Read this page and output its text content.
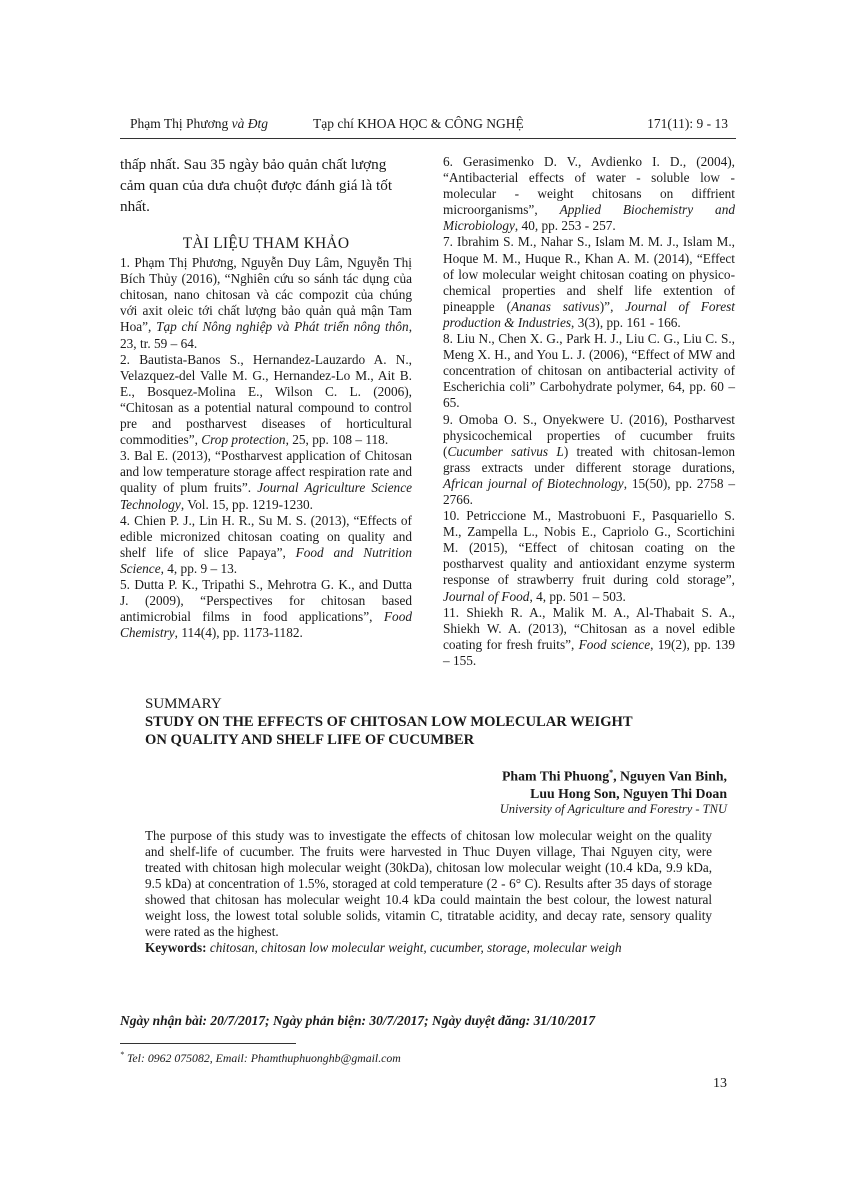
Phạm Thị Phương và Đtg	Tạp chí KHOA HỌC & CÔNG NGHỆ	171(11): 9 - 13

thấp nhất. Sau 35 ngày bảo quản chất lượng cảm quan của dưa chuột được đánh giá là tốt nhất.

TÀI LIỆU THAM KHẢO

1. Phạm Thị Phương, Nguyễn Duy Lâm, Nguyễn Thị Bích Thủy (2016), “Nghiên cứu so sánh tác dụng của chitosan, nano chitosan và các compozit của chúng với axit oleic tới chất lượng bảo quản quả mận Tam Hoa”, Tạp chí Nông nghiệp và Phát triển nông thôn, 23, tr. 59 – 64.

2. Bautista-Banos S., Hernandez-Lauzardo A. N., Velazquez-del Valle M. G., Hernandez-Lo M., Ait B. E., Bosquez-Molina E., Wilson C. L. (2006), “Chitosan as a potential natural compound to control pre and postharvest diseases of horticultural commodities”, Crop protection, 25, pp. 108 – 118.

3. Bal E. (2013), “Postharvest application of Chitosan and low temperature storage affect respiration rate and quality of plum fruits”. Journal Agriculture Science Technology, Vol. 15, pp. 1219-1230.

4. Chien P. J., Lin H. R., Su M. S. (2013), “Effects of edible micronized chitosan coating on quality and shelf life of slice Papaya”, Food and Nutrition Science, 4, pp. 9 – 13.

5. Dutta P. K., Tripathi S., Mehrotra G. K., and Dutta J. (2009), “Perspectives for chitosan based antimicrobial films in food applications”, Food Chemistry, 114(4), pp. 1173-1182.

6. Gerasimenko D. V., Avdienko I. D., (2004), “Antibacterial effects of water - soluble low - molecular - weight chitosans on diffrient microorganisms”, Applied Biochemistry and Microbiology, 40, pp. 253 - 257.

7. Ibrahim S. M., Nahar S., Islam M. M. J., Islam M., Hoque M. M., Huque R., Khan A. M. (2014), “Effect of low molecular weight chitosan coating on physico-chemical properties and shelf life extention of pineapple (Ananas sativus)”, Journal of Forest production & Industries, 3(3), pp. 161 - 166.

8. Liu N., Chen X. G., Park H. J., Liu C. G., Liu C. S., Meng X. H., and You L. J. (2006), “Effect of MW and concentration of chitosan on antibacterial activity of Escherichia coli” Carbohydrate polymer, 64, pp. 60 – 65.

9. Omoba O. S., Onyekwere U. (2016), Postharvest physicochemical properties of cucumber fruits (Cucumber sativus L) treated with chitosan-lemon grass extracts under different storage durations, African journal of Biotechnology, 15(50), pp. 2758 – 2766.

10. Petriccione M., Mastrobuoni F., Pasquariello S. M., Zampella L., Nobis E., Capriolo G., Scortichini M. (2015), “Effect of chitosan coating on the postharvest quality and antioxidant enzyme systerm response of strawberry fruit during cold storage”, Journal of Food, 4, pp. 501 – 503.

11. Shiekh R. A., Malik M. A., Al-Thabait S. A., Shiekh W. A. (2013), “Chitosan as a novel edible coating for fresh fruits”, Food science, 19(2), pp. 139 – 155.

SUMMARY

STUDY ON THE EFFECTS OF CHITOSAN LOW MOLECULAR WEIGHT

ON QUALITY AND SHELF LIFE OF CUCUMBER

Pham Thi Phuong*, Nguyen Van Binh,
Luu Hong Son, Nguyen Thi Doan
University of Agriculture and Forestry - TNU

The purpose of this study was to investigate the effects of chitosan low molecular weight on the quality and shelf-life of cucumber. The fruits were harvested in Thuc Duyen village, Thai Nguyen city, were treated with chitosan high molecular weight (30kDa), chitosan low molecular weight (10.4 kDa, 9.9 kDa, 9.5 kDa) at concentration of 1.5%, storaged at cold temperature (2 - 6° C). Results after 35 days of storage showed that chitosan has molecular weight 10.4 kDa could maintain the best colour, the lowest natural weight loss, the lowest total soluble solids, vitamin C, titratable acidity, and decay rate, sensory quality were rated as the highest.

Keywords: chitosan, chitosan low molecular weight, cucumber, storage, molecular weigh

Ngày nhận bài: 20/7/2017; Ngày phản biện: 30/7/2017; Ngày duyệt đăng: 31/10/2017
* Tel: 0962 075082, Email: Phamthuphuonghb@gmail.com
13
